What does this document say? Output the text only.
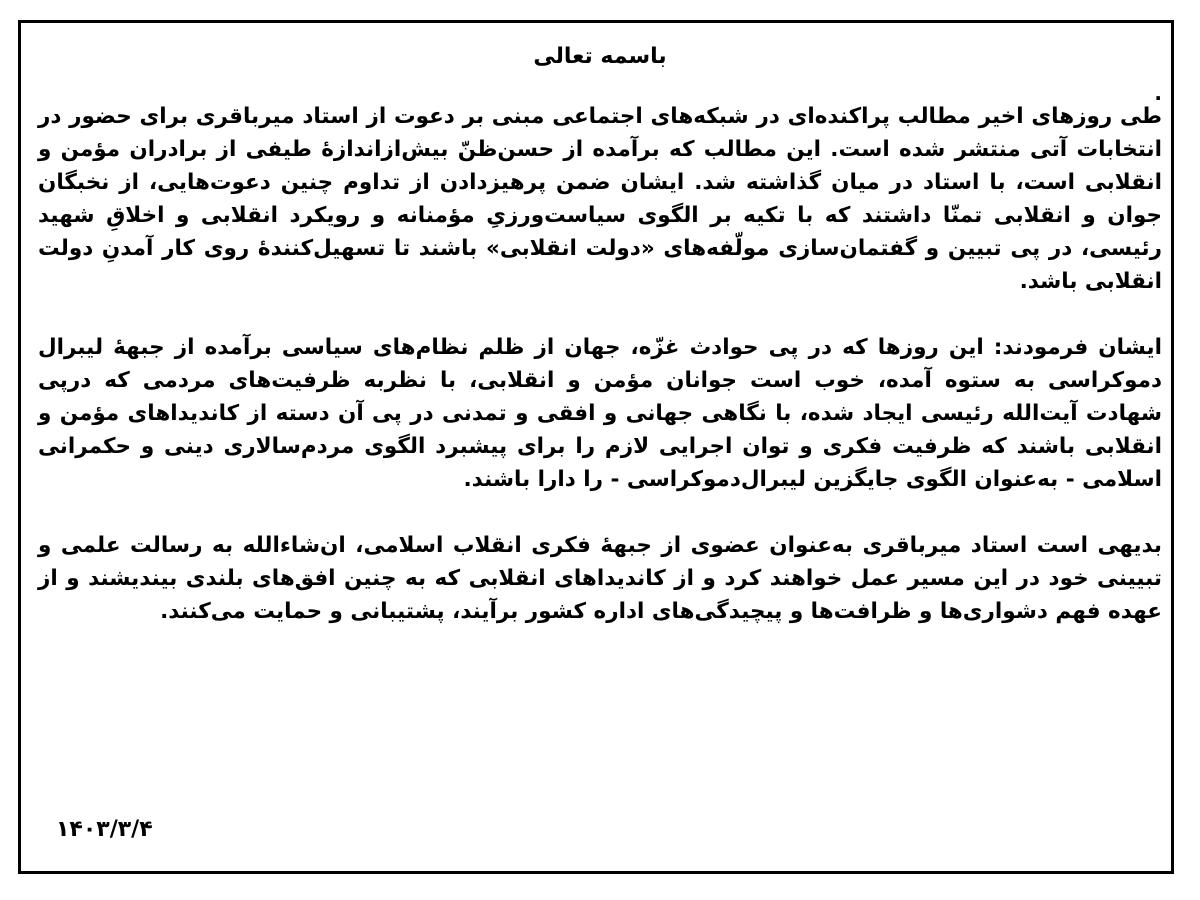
باسمه تعالی
.

طی روزهای اخیر مطالب پراکنده‌ای در شبکه‌های اجتماعی مبنی بر دعوت از استاد میرباقری برای حضور در انتخابات آتی منتشر شده است. این مطالب که برآمده از حسن‌ظنّ بیش‌ازاندازۀ طیفی از برادران مؤمن و انقلابی است، با استاد در میان گذاشته شد. ایشان ضمن پرهیزدادن از تداوم چنین دعوت‌هایی، از نخبگان جوان و انقلابی تمنّا داشتند که با تکیه بر الگوی سیاست‌ورزیِ مؤمنانه و رویکرد انقلابی و اخلاقِ شهید رئیسی، در پی تبیین و گفتمان‌سازی مولّفه‌های «دولت انقلابی» باشند تا تسهیل‌کنندۀ روی کار آمدنِ دولت انقلابی باشد.

ایشان فرمودند: این روزها که در پی حوادث غزّه، جهان از ظلم نظام‌های سیاسی برآمده از جبهۀ لیبرال دموکراسی به ستوه آمده، خوب است جوانان مؤمن و انقلابی، با نظربه ظرفیت‌های مردمی که درپی شهادت آیت‌الله رئیسی ایجاد شده، با نگاهی جهانی و افقی و تمدنی در پی آن دسته از کاندیداهای مؤمن و انقلابی باشند که ظرفیت فکری و توان اجرایی لازم را برای پیشبرد الگوی مردم‌سالاری دینی و حکمرانی اسلامی - به‌عنوان الگوی جایگزین لیبرال‌دموکراسی - را دارا باشند.

بدیهی است استاد میرباقری به‌عنوان عضوی از جبهۀ فکری انقلاب اسلامی، ان‌شاءالله به رسالت علمی و تبیینی خود در این مسیر عمل خواهند کرد و از کاندیداهای انقلابی که به چنین افق‌های بلندی بیندیشند و از عهده فهم دشواری‌ها و ظرافت‌ها و پیچیدگی‌های اداره کشور برآیند، پشتیبانی و حمایت می‌کنند.

۱۴۰۳/۳/۴
